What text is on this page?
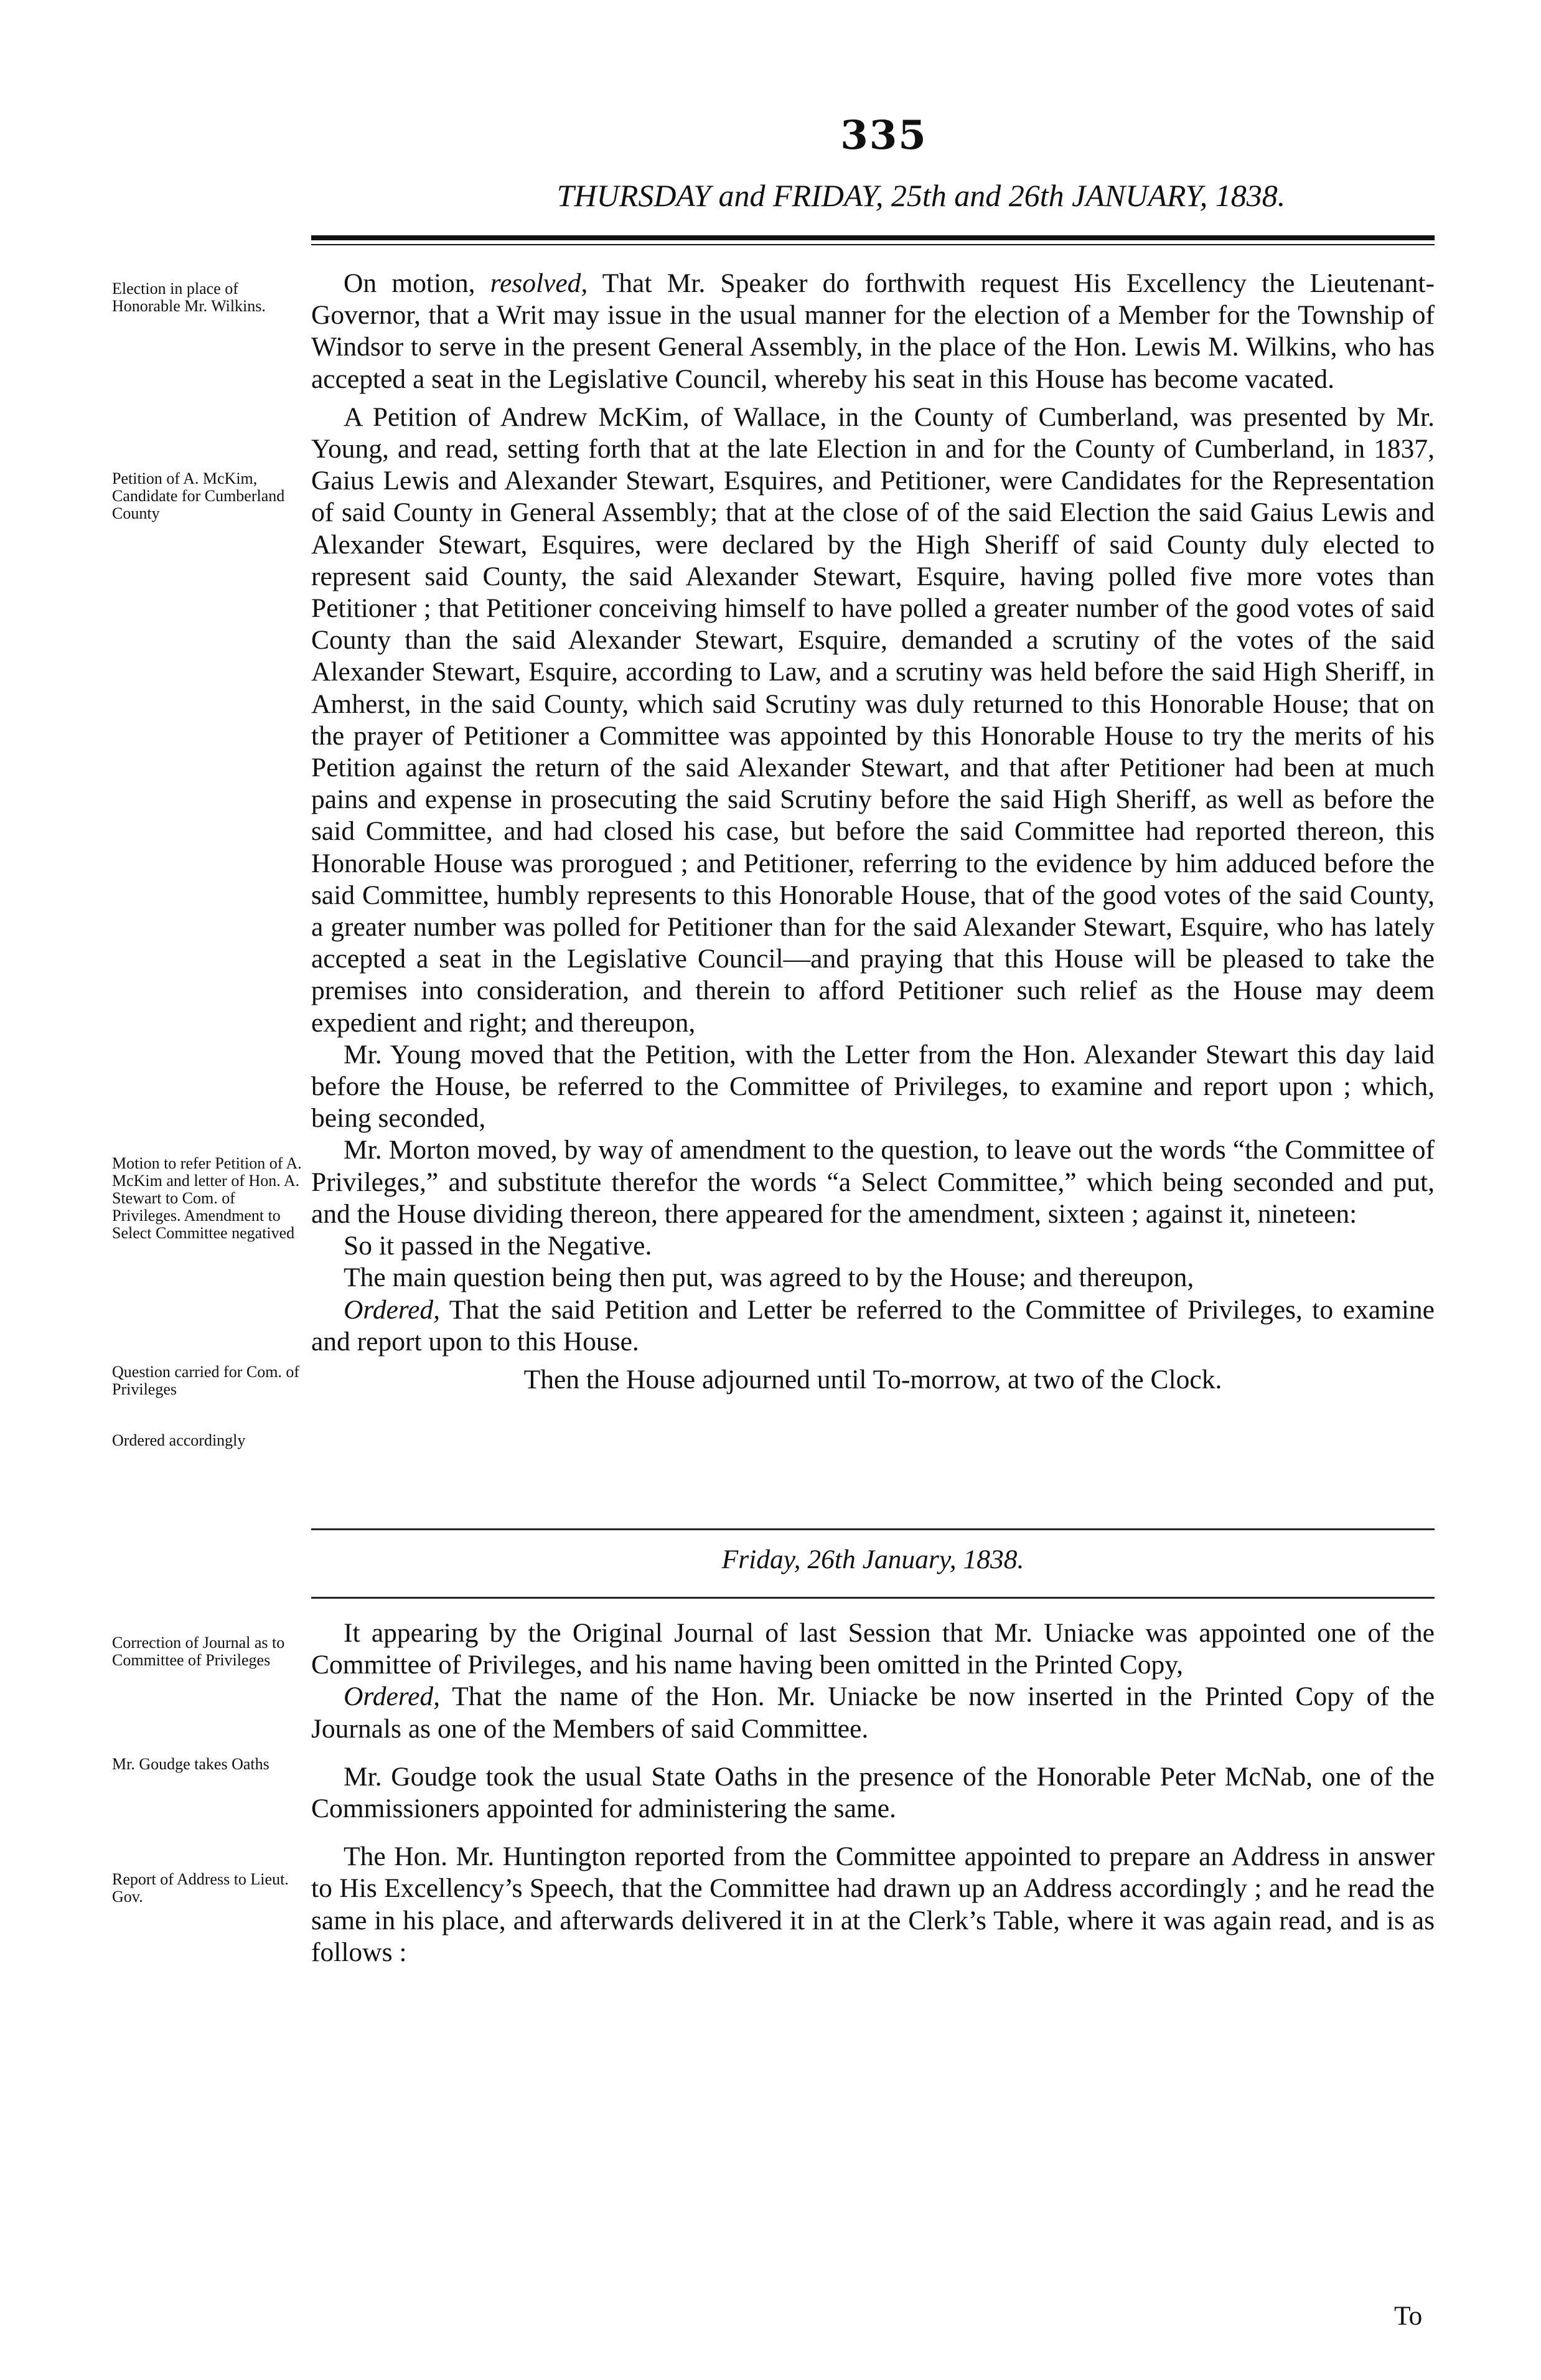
335
THURSDAY and FRIDAY, 25th and 26th JANUARY, 1838.
Election in place of Honorable Mr. Wilkins.
Petition of A. McKim, Candidate for Cumberland County
Motion to refer Petition of A. McKim and letter of Hon. A. Stewart to Com. of Privileges. Amendment to Select Committee negatived
Question carried for Com. of Privileges
Ordered accordingly
Correction of Journal as to Committee of Privileges
Mr. Goudge takes Oaths
Report of Address to Lieut. Gov.

On motion, resolved, That Mr. Speaker do forthwith request His Excellency the Lieutenant-Governor, that a Writ may issue in the usual manner for the election of a Member for the Township of Windsor to serve in the present General Assembly, in the place of the Hon. Lewis M. Wilkins, who has accepted a seat in the Legislative Council, whereby his seat in this House has become vacated.

A Petition of Andrew McKim, of Wallace, in the County of Cumberland, was presented by Mr. Young, and read, setting forth that at the late Election in and for the County of Cumberland, in 1837, Gaius Lewis and Alexander Stewart, Esquires, and Petitioner, were Candidates for the Representation of said County in General Assembly; that at the close of of the said Election the said Gaius Lewis and Alexander Stewart, Esquires, were declared by the High Sheriff of said County duly elected to represent said County, the said Alexander Stewart, Esquire, having polled five more votes than Petitioner ; that Petitioner conceiving himself to have polled a greater number of the good votes of said County than the said Alexander Stewart, Esquire, demanded a scrutiny of the votes of the said Alexander Stewart, Esquire, according to Law, and a scrutiny was held before the said High Sheriff, in Amherst, in the said County, which said Scrutiny was duly returned to this Honorable House; that on the prayer of Petitioner a Committee was appointed by this Honorable House to try the merits of his Petition against the return of the said Alexander Stewart, and that after Petitioner had been at much pains and expense in prosecuting the said Scrutiny before the said High Sheriff, as well as before the said Committee, and had closed his case, but before the said Committee had reported thereon, this Honorable House was prorogued ; and Petitioner, referring to the evidence by him adduced before the said Committee, humbly represents to this Honorable House, that of the good votes of the said County, a greater number was polled for Petitioner than for the said Alexander Stewart, Esquire, who has lately accepted a seat in the Legislative Council—and praying that this House will be pleased to take the premises into consideration, and therein to afford Petitioner such relief as the House may deem expedient and right; and thereupon,

Mr. Young moved that the Petition, with the Letter from the Hon. Alexander Stewart this day laid before the House, be referred to the Committee of Privileges, to examine and report upon ; which, being seconded,

Mr. Morton moved, by way of amendment to the question, to leave out the words “the Committee of Privileges,” and substitute therefor the words “a Select Committee,” which being seconded and put, and the House dividing thereon, there appeared for the amendment, sixteen ; against it, nineteen:

So it passed in the Negative.

The main question being then put, was agreed to by the House; and thereupon,

Ordered, That the said Petition and Letter be referred to the Committee of Privileges, to examine and report upon to this House.

Then the House adjourned until To-morrow, at two of the Clock.

Friday, 26th January, 1838.

It appearing by the Original Journal of last Session that Mr. Uniacke was appointed one of the Committee of Privileges, and his name having been omitted in the Printed Copy,

Ordered, That the name of the Hon. Mr. Uniacke be now inserted in the Printed Copy of the Journals as one of the Members of said Committee.

Mr. Goudge took the usual State Oaths in the presence of the Honorable Peter McNab, one of the Commissioners appointed for administering the same.

The Hon. Mr. Huntington reported from the Committee appointed to prepare an Address in answer to His Excellency’s Speech, that the Committee had drawn up an Address accordingly ; and he read the same in his place, and afterwards delivered it in at the Clerk’s Table, where it was again read, and is as follows :

To
